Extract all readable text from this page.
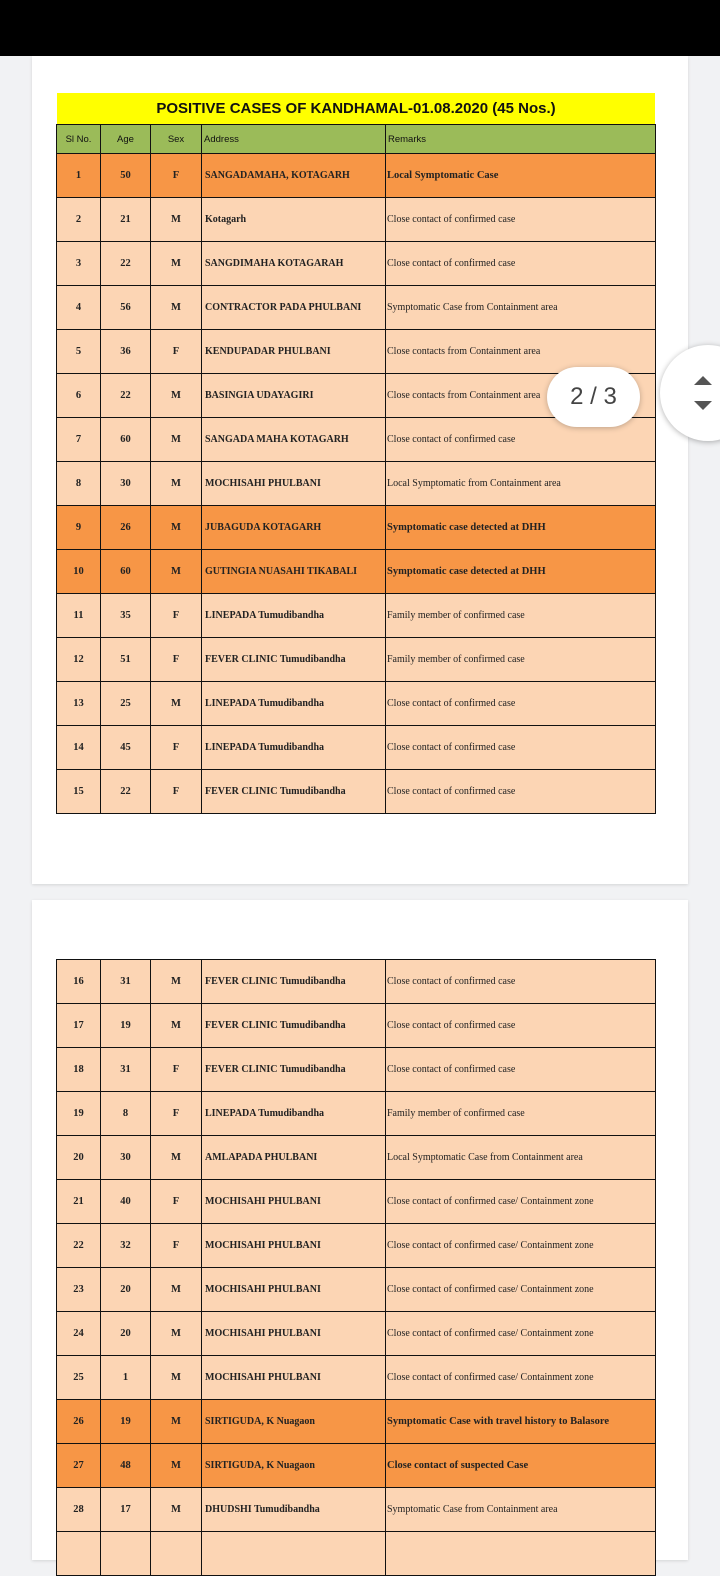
POSITIVE CASES OF KANDHAMAL-01.08.2020 (45 Nos.)
Sl No.	Age	Sex	Address	Remarks
1	50	F	SANGADAMAHA, KOTAGARH	Local Symptomatic Case
2	21	M	Kotagarh	Close contact of confirmed case
3	22	M	SANGDIMAHA KOTAGARAH	Close contact of confirmed case
4	56	M	CONTRACTOR PADA PHULBANI	Symptomatic Case from Containment area
5	36	F	KENDUPADAR PHULBANI	Close contacts from Containment area
6	22	M	BASINGIA UDAYAGIRI	Close contacts from Containment area
7	60	M	SANGADA MAHA KOTAGARH	Close contact of confirmed case
8	30	M	MOCHISAHI PHULBANI	Local Symptomatic from Containment area
9	26	M	JUBAGUDA KOTAGARH	Symptomatic case detected at DHH
10	60	M	GUTINGIA NUASAHI TIKABALI	Symptomatic case detected at DHH
11	35	F	LINEPADA Tumudibandha	Family member of confirmed case
12	51	F	FEVER CLINIC Tumudibandha	Family member of confirmed case
13	25	M	LINEPADA Tumudibandha	Close contact of confirmed case
14	45	F	LINEPADA Tumudibandha	Close contact of confirmed case
15	22	F	FEVER CLINIC Tumudibandha	Close contact of confirmed case
16	31	M	FEVER CLINIC Tumudibandha	Close contact of confirmed case
17	19	M	FEVER CLINIC Tumudibandha	Close contact of confirmed case
18	31	F	FEVER CLINIC Tumudibandha	Close contact of confirmed case
19	8	F	LINEPADA Tumudibandha	Family member of confirmed case
20	30	M	AMLAPADA PHULBANI	Local Symptomatic Case from Containment area
21	40	F	MOCHISAHI PHULBANI	Close contact of confirmed case/ Containment zone
22	32	F	MOCHISAHI PHULBANI	Close contact of confirmed case/ Containment zone
23	20	M	MOCHISAHI PHULBANI	Close contact of confirmed case/ Containment zone
24	20	M	MOCHISAHI PHULBANI	Close contact of confirmed case/ Containment zone
25	1	M	MOCHISAHI PHULBANI	Close contact of confirmed case/ Containment zone
26	19	M	SIRTIGUDA, K Nuagaon	Symptomatic Case with travel history to Balasore
27	48	M	SIRTIGUDA, K Nuagaon	Close contact of suspected Case
28	17	M	DHUDSHI Tumudibandha	Symptomatic Case from Containment area

2 / 3
